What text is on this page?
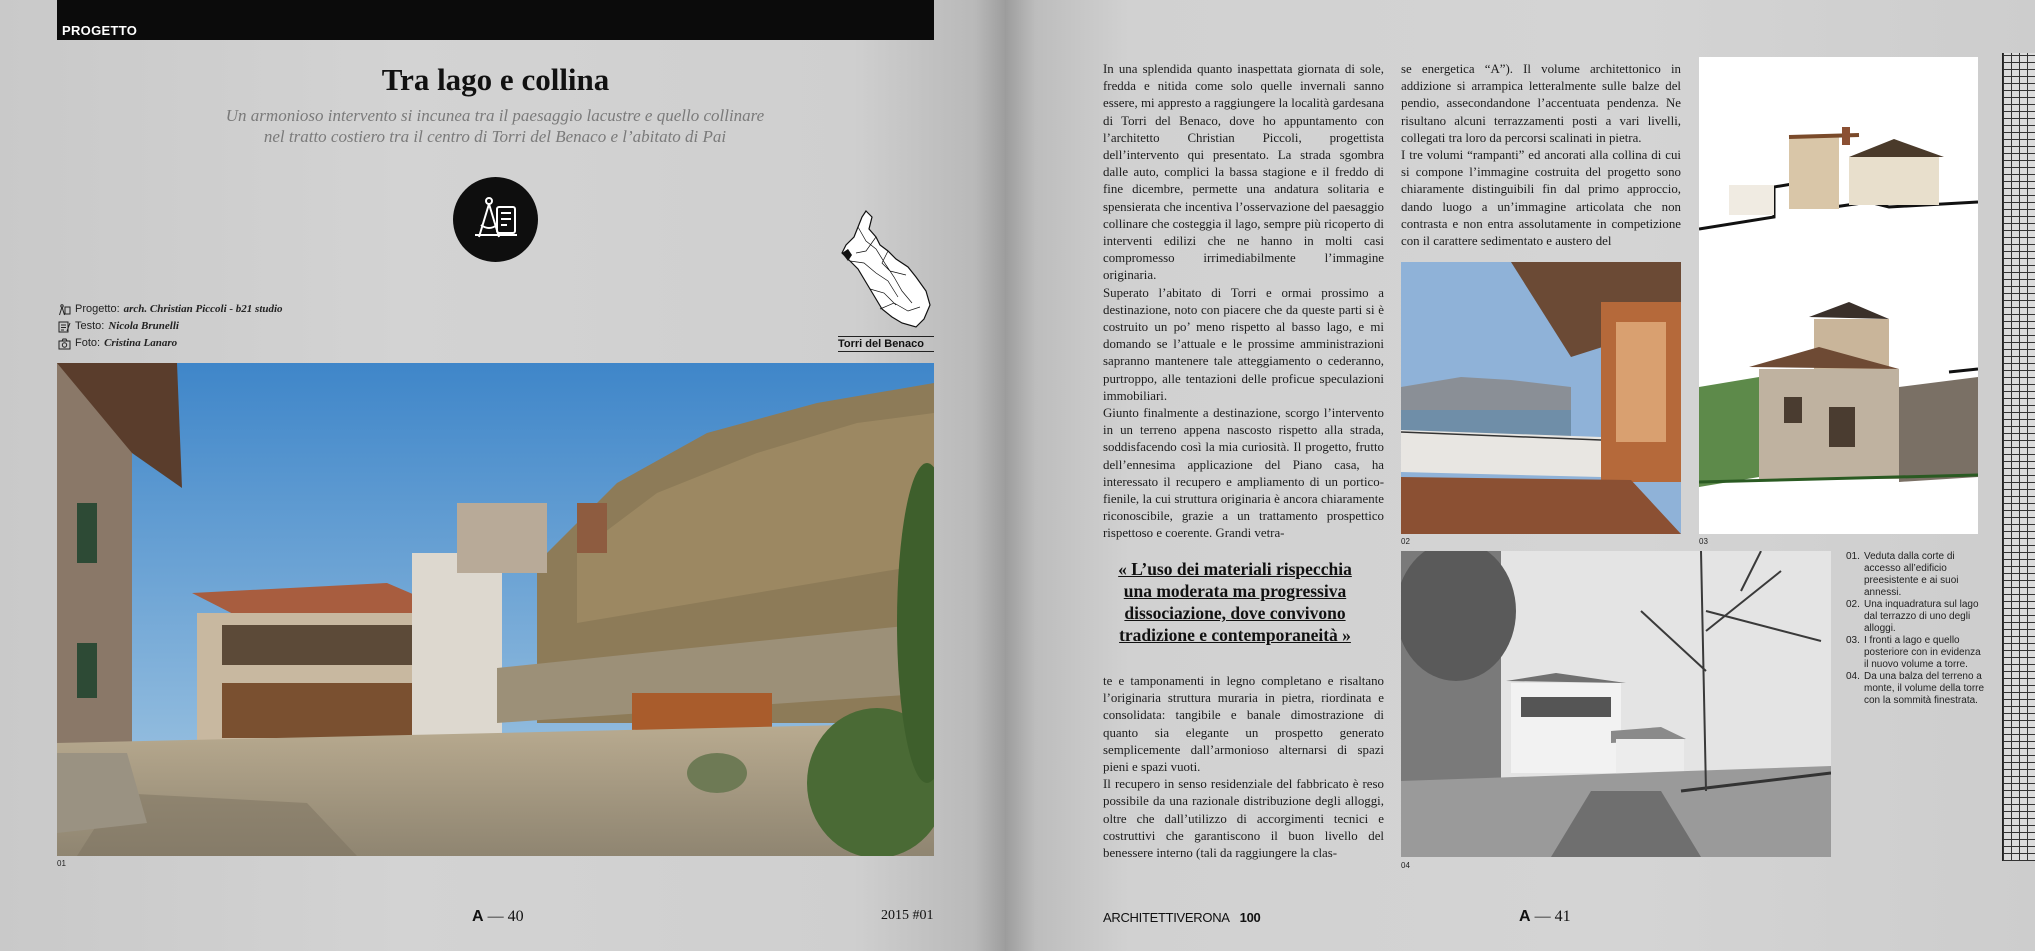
PROGETTO
Tra lago e collina
Un armonioso intervento si incunea tra il paesaggio lacustre e quello collinare
nel tratto costiero tra il centro di Torri del Benaco e l’abitato di Pai
Torri del Benaco
Progetto: arch. Christian Piccoli - b21 studio
Testo: Nicola Brunelli
Foto: Cristina Lanaro
01
A — 40	2015 #01

In una splendida quanto inaspettata giornata di sole, fredda e nitida come solo quelle invernali sanno essere, mi appresto a raggiungere la località gardesana di Torri del Benaco, dove ho appuntamento con l’architetto Christian Piccoli, progettista dell’intervento qui presentato. La strada sgombra dalle auto, complici la bassa stagione e il freddo di fine dicembre, permette una andatura solitaria e spensierata che incentiva l’osservazione del paesaggio collinare che costeggia il lago, sempre più ricoperto di interventi edilizi che ne hanno in molti casi compromesso irrimediabilmente l’immagine originaria.

Superato l’abitato di Torri e ormai prossimo a destinazione, noto con piacere che da queste parti si è costruito un po’ meno rispetto al basso lago, e mi domando se l’attuale e le prossime amministrazioni sapranno mantenere tale atteggiamento o cederanno, purtroppo, alle tentazioni delle proficue speculazioni immobiliari.

Giunto finalmente a destinazione, scorgo l’intervento in un terreno appena nascosto rispetto alla strada, soddisfacendo così la mia curiosità. Il progetto, frutto dell’ennesima applicazione del Piano casa, ha interessato il recupero e ampliamento di un portico-fienile, la cui struttura originaria è ancora chiaramente riconoscibile, grazie a un trattamento prospettico rispettoso e coerente. Grandi vetra-

« L’uso dei materiali rispecchia una moderata ma progressiva dissociazione, dove convivono tradizione e contemporaneità »

te e tamponamenti in legno completano e risaltano l’originaria struttura muraria in pietra, riordinata e consolidata: tangibile e banale dimostrazione di quanto sia elegante un prospetto generato semplicemente dall’armonioso alternarsi di spazi pieni e spazi vuoti.

Il recupero in senso residenziale del fabbricato è reso possibile da una razionale distribuzione degli alloggi, oltre che dall’utilizzo di accorgimenti tecnici e costruttivi che garantiscono il buon livello del benessere interno (tali da raggiungere la clas-

se energetica “A”). Il volume architettonico in addizione si arrampica letteralmente sulle balze del pendio, assecondandone l’accentuata pendenza. Ne risultano alcuni terrazzamenti posti a vari livelli, collegati tra loro da percorsi scalinati in pietra.

I tre volumi “rampanti” ed ancorati alla collina di cui si compone l’immagine costruita del progetto sono chiaramente distinguibili fin dal primo approccio, dando luogo a un’immagine articolata che non contrasta e non entra assolutamente in competizione con il carattere sedimentato e austero del

02	03
04
01. Veduta dalla corte di accesso all’edificio preesistente e ai suoi annessi.
02. Una inquadratura sul lago dal terrazzo di uno degli alloggi.
03. I fronti a lago e quello posteriore con in evidenza il nuovo volume a torre.
04. Da una balza del terreno a monte, il volume della torre con la sommità finestrata.
ARCHITETTIVERONA 100	A — 41
